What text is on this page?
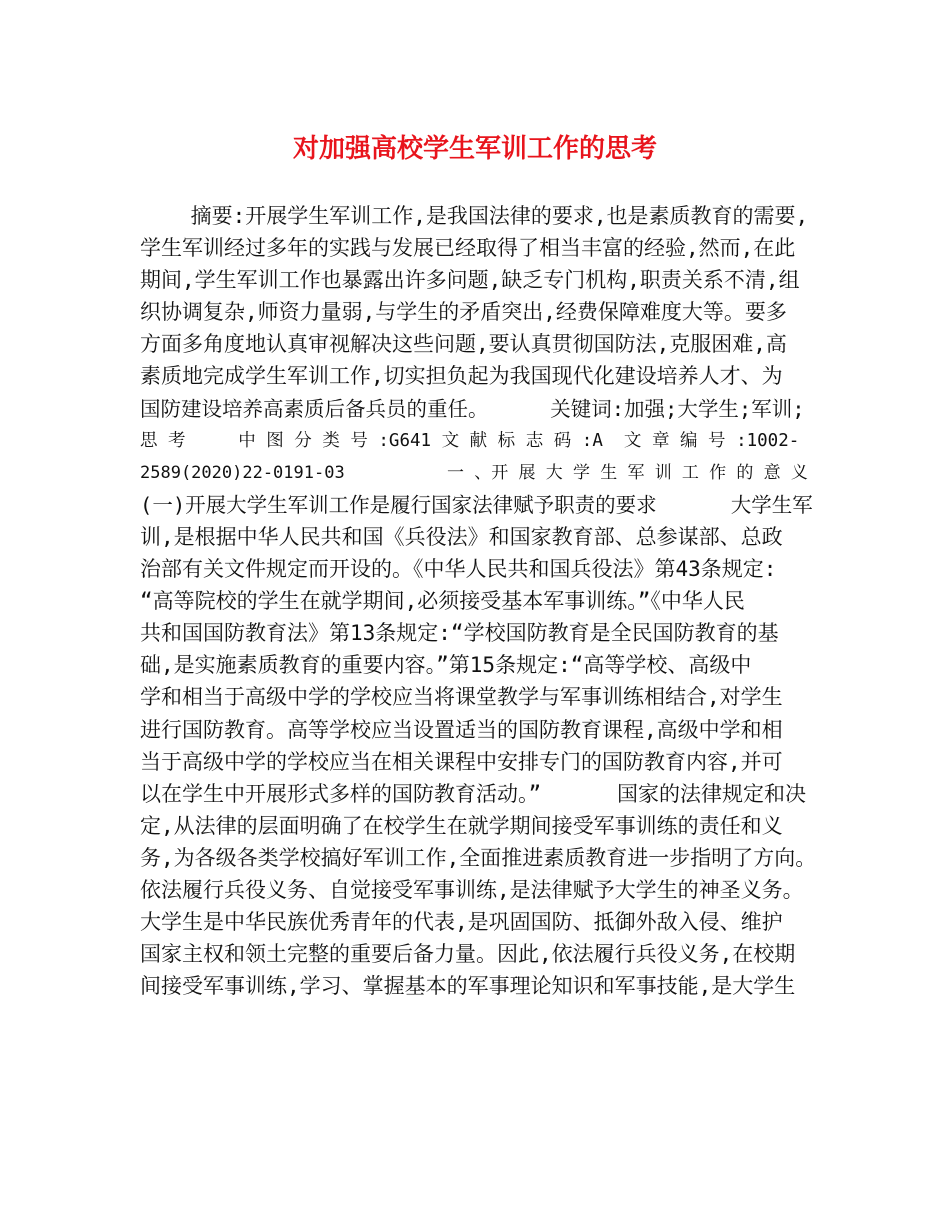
对加强高校学生军训工作的思考
摘要:开展学生军训工作,是我国法律的要求,也是素质教育的需要,
学生军训经过多年的实践与发展已经取得了相当丰富的经验,然而,在此
期间,学生军训工作也暴露出许多问题,缺乏专门机构,职责关系不清,组
织协调复杂,师资力量弱,与学生的矛盾突出,经费保障难度大等。要多
方面多角度地认真审视解决这些问题,要认真贯彻国防法,克服困难,高
素质地完成学生军训工作,切实担负起为我国现代化建设培养人才、为
国防建设培养高素质后备兵员的重任。     关键词:加强;大学生;军训;
思 考     中 图 分 类 号 :G641 文 献 标 志 码 :A  文 章 编 号 :1002-
2589(2020)22-0191-03          一 、开 展 大 学 生 军 训 工 作 的 意 义
(一)开展大学生军训工作是履行国家法律赋予职责的要求      大学生军
训,是根据中华人民共和国《兵役法》和国家教育部、总参谋部、总政
治部有关文件规定而开设的。《中华人民共和国兵役法》第43条规定:
“高等院校的学生在就学期间,必须接受基本军事训练。”《中华人民
共和国国防教育法》第13条规定:“学校国防教育是全民国防教育的基
础,是实施素质教育的重要内容。”第15条规定:“高等学校、高级中
学和相当于高级中学的学校应当将课堂教学与军事训练相结合,对学生
进行国防教育。高等学校应当设置适当的国防教育课程,高级中学和相
当于高级中学的学校应当在相关课程中安排专门的国防教育内容,并可
以在学生中开展形式多样的国防教育活动。”      国家的法律规定和决
定,从法律的层面明确了在校学生在就学期间接受军事训练的责任和义
务,为各级各类学校搞好军训工作,全面推进素质教育进一步指明了方向。
依法履行兵役义务、自觉接受军事训练,是法律赋予大学生的神圣义务。
大学生是中华民族优秀青年的代表,是巩固国防、抵御外敌入侵、维护
国家主权和领土完整的重要后备力量。因此,依法履行兵役义务,在校期
间接受军事训练,学习、掌握基本的军事理论知识和军事技能,是大学生
